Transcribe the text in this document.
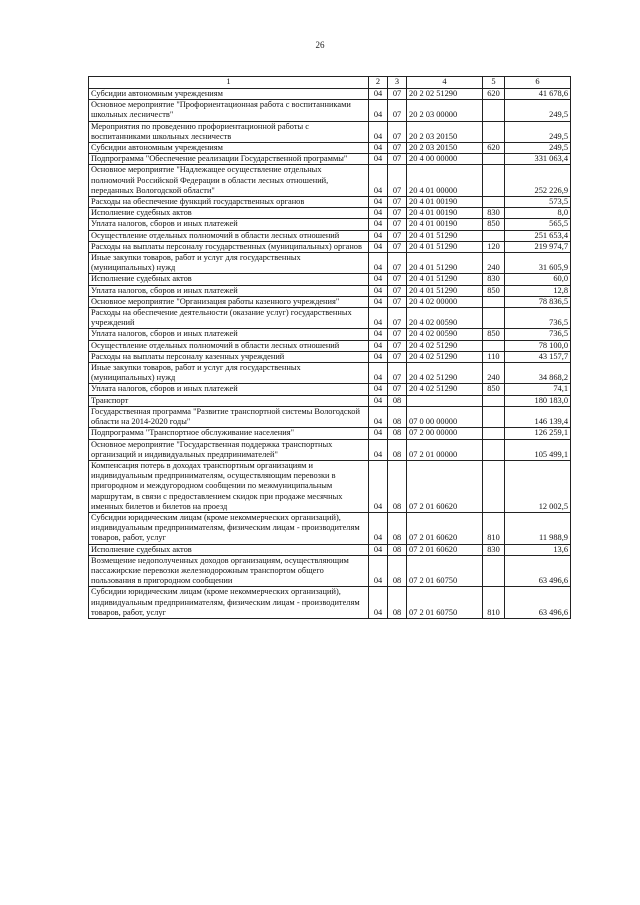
26
1	2	3	4	5	6
Субсидии автономным учреждениям	04	07	20 2 02 51290	620	41 678,6
Основное мероприятие "Профориентационная работа с воспитанниками школьных лесничеств"	04	07	20 2 03 00000		249,5
Мероприятия по проведению профориентационной работы с воспитанниками школьных лесничеств	04	07	20 2 03 20150		249,5
Субсидии автономным учреждениям	04	07	20 2 03 20150	620	249,5
Подпрограмма "Обеспечение реализации Государственной программы"	04	07	20 4 00 00000		331 063,4
Основное мероприятие "Надлежащее осуществление отдельных полномочий Российской Федерации в области лесных отношений, переданных Вологодской области"	04	07	20 4 01 00000		252 226,9
Расходы на обеспечение функций государственных органов	04	07	20 4 01 00190		573,5
Исполнение судебных актов	04	07	20 4 01 00190	830	8,0
Уплата налогов, сборов и иных платежей	04	07	20 4 01 00190	850	565,5
Осуществление отдельных полномочий в области лесных отношений	04	07	20 4 01 51290		251 653,4
Расходы на выплаты персоналу государственных (муниципальных) органов	04	07	20 4 01 51290	120	219 974,7
Иные закупки товаров, работ и услуг для государственных (муниципальных) нужд	04	07	20 4 01 51290	240	31 605,9
Исполнение судебных актов	04	07	20 4 01 51290	830	60,0
Уплата налогов, сборов и иных платежей	04	07	20 4 01 51290	850	12,8
Основное мероприятие "Организация работы казенного учреждения"	04	07	20 4 02 00000		78 836,5
Расходы на обеспечение деятельности (оказание услуг) государственных учреждений	04	07	20 4 02 00590		736,5
Уплата налогов, сборов и иных платежей	04	07	20 4 02 00590	850	736,5
Осуществление отдельных полномочий в области лесных отношений	04	07	20 4 02 51290		78 100,0
Расходы на выплаты персоналу казенных учреждений	04	07	20 4 02 51290	110	43 157,7
Иные закупки товаров, работ и услуг для государственных (муниципальных) нужд	04	07	20 4 02 51290	240	34 868,2
Уплата налогов, сборов и иных платежей	04	07	20 4 02 51290	850	74,1
Транспорт	04	08			180 183,0
Государственная программа "Развитие транспортной системы Вологодской области на 2014-2020 годы"	04	08	07 0 00 00000		146 139,4
Подпрограмма "Транспортное обслуживание населения"	04	08	07 2 00 00000		126 259,1
Основное мероприятие "Государственная поддержка транспортных организаций и индивидуальных предпринимателей"	04	08	07 2 01 00000		105 499,1
Компенсация потерь в доходах транспортным организациям и индивидуальным предпринимателям, осуществляющим перевозки в пригородном и междугородном сообщении по межмуниципальным маршрутам, в связи с предоставлением скидок при продаже месячных именных билетов и билетов на проезд	04	08	07 2 01 60620		12 002,5
Субсидии юридическим лицам (кроме некоммерческих организаций), индивидуальным предпринимателям, физическим лицам - производителям товаров, работ, услуг	04	08	07 2 01 60620	810	11 988,9
Исполнение судебных актов	04	08	07 2 01 60620	830	13,6
Возмещение недополученных доходов организациям, осуществляющим пассажирские перевозки железнодорожным транспортом общего пользования в пригородном сообщении	04	08	07 2 01 60750		63 496,6
Субсидии юридическим лицам (кроме некоммерческих организаций), индивидуальным предпринимателям, физическим лицам - производителям товаров, работ, услуг	04	08	07 2 01 60750	810	63 496,6
